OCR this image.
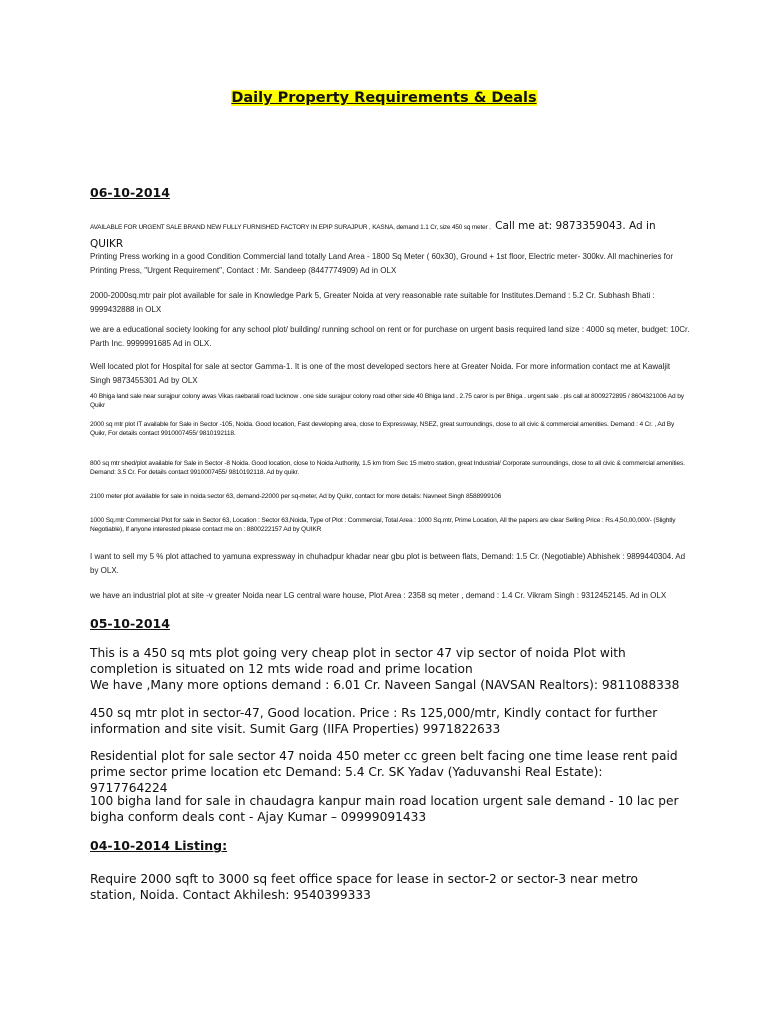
Daily Property Requirements & Deals
06-10-2014
AVAILABLE FOR URGENT SALE BRAND NEW FULLY FURNISHED FACTORY IN EPIP SURAJPUR , KASNA, demand 1.1 Cr, size 450 sq meter . Call me at: 9873359043. Ad in QUIKR
Printing Press working in a good Condition Commercial land totally Land Area - 1800 Sq Meter ( 60x30), Ground + 1st floor, Electric meter- 300kv. All machineries for Printing Press, "Urgent Requirement", Contact : Mr. Sandeep (8447774909) Ad in OLX
2000-2000sq.mtr pair plot available for sale in Knowledge Park 5, Greater Noida at very reasonable rate suitable for Institutes.Demand : 5.2 Cr. Subhash Bhati : 9999432888 in OLX
we are a educational society looking for any school plot/ building/ running school on rent or for purchase on urgent basis required land size : 4000 sq meter, budget: 10Cr. Parth Inc. 9999991685 Ad in OLX.
Well located plot for Hospital for sale at sector Gamma-1. It is one of the most developed sectors here at Greater Noida. For more information contact me at Kawaljit Singh 9873455301 Ad by OLX
40 Bhiga land sale near surajpur colony awas Vikas raebarali road lucknow . one side surajpur colony road other side 40 Bhiga land . 2.75 caror is per Bhiga . urgent sale . pls call at 8009272895 / 8604321006 Ad by Quikr
2000 sq mtr plot IT available for Sale in Sector -105, Noida. Good location, Fast developing area, close to Expressway, NSEZ, great surroundings, close to all civic & commercial amenities. Demand : 4 Cr. , Ad By Quikr, For details contact 9910007455/ 9810192118.
800 sq mtr shed/plot available for Sale in Sector -8 Noida. Good location, close to Noida Authority, 1.5 km from Sec 15 metro station, great Industrial/ Corporate surroundings, close to all civic & commercial amenities. Demand: 3.5 Cr. For details contact 9910007455/ 9810192118. Ad by quikr.
2100 meter plot available for sale in noida sector 63, demand-22000 per sq-meter, Ad by Quikr, contact for more details: Navneet Singh 8588999106
1000 Sq.mtr Commercial Plot for sale in Sector 63, Location : Sector 63,Noida, Type of Plot : Commercial, Total Area : 1000 Sq.mtr, Prime Location, All the papers are clear Selling Price : Rs.4,50,00,000/- (Slightly Negotiable), If anyone interested please contact me on : 8800222157 Ad by QUIKR
I want to sell my 5 % plot attached to yamuna expressway in chuhadpur khadar near gbu plot is between flats, Demand: 1.5 Cr. (Negotiable) Abhishek : 9899440304. Ad by OLX.
we have an industrial plot at site -v greater Noida near LG central ware house, Plot Area : 2358 sq meter , demand : 1.4 Cr. Vikram Singh : 9312452145. Ad in OLX
05-10-2014
This is a 450 sq mts plot going very cheap plot in sector 47 vip sector of noida Plot with completion is situated on 12 mts wide road and prime location
We have ,Many more options demand : 6.01 Cr. Naveen Sangal (NAVSAN Realtors): 9811088338
450 sq mtr plot in sector-47, Good location. Price : Rs 125,000/mtr, Kindly contact for further information and site visit. Sumit Garg (IIFA Properties) 9971822633
Residential plot for sale sector 47 noida 450 meter cc green belt facing one time lease rent paid prime sector prime location etc Demand: 5.4 Cr. SK Yadav (Yaduvanshi Real Estate): 9717764224
100 bigha land for sale in chaudagra kanpur main road location urgent sale demand - 10 lac per bigha conform deals cont - Ajay Kumar – 09999091433
04-10-2014 Listing:
Require 2000 sqft to 3000 sq feet office space for lease in sector-2 or sector-3 near metro station, Noida. Contact Akhilesh: 9540399333
